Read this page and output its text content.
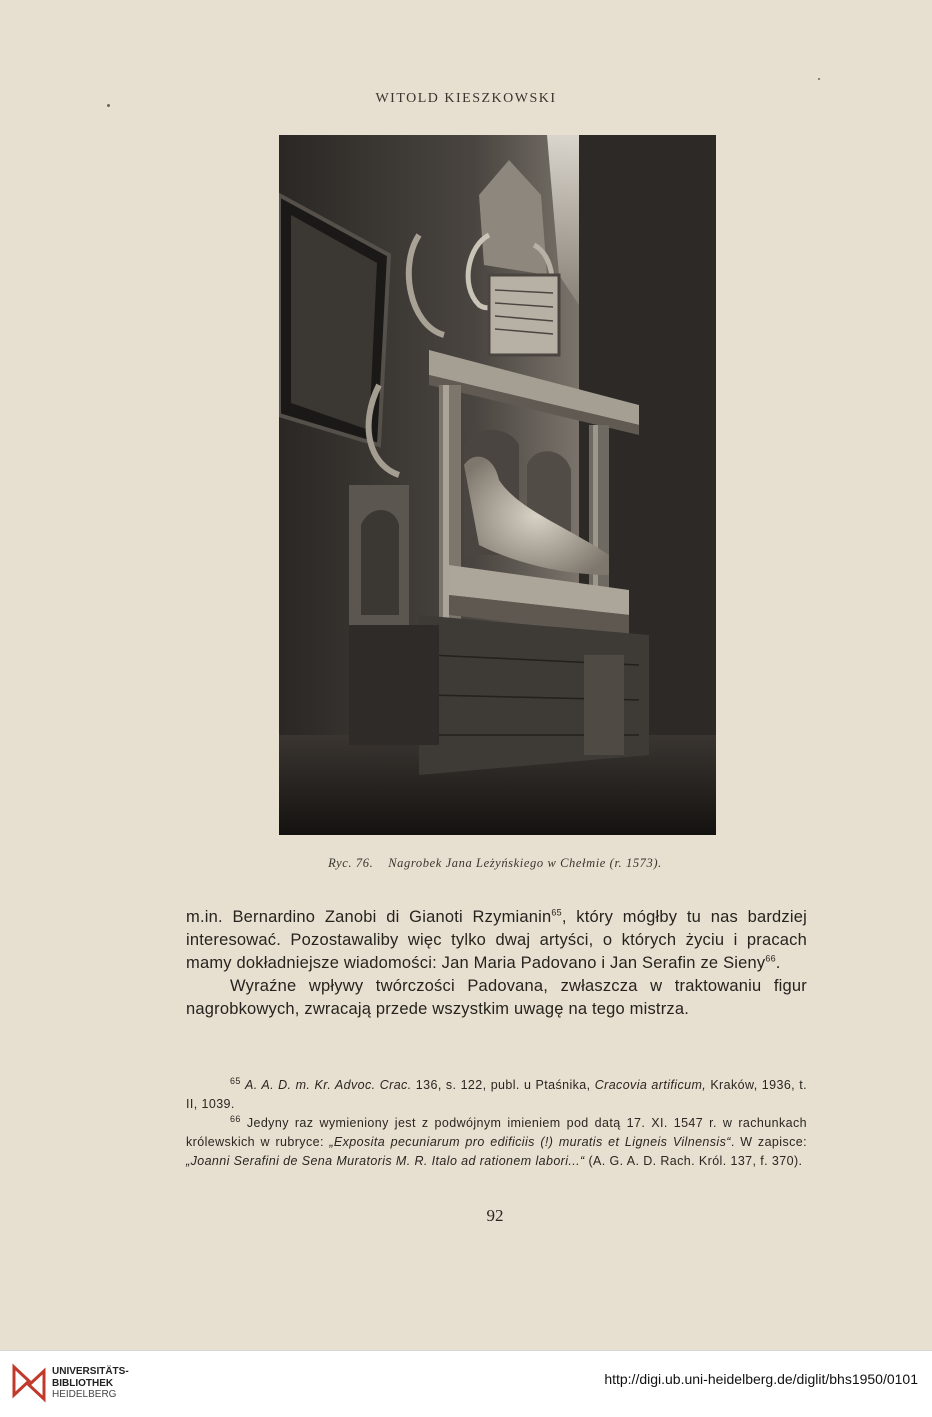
WITOLD KIESZKOWSKI
Ryc. 76. Nagrobek Jana Leżyńskiego w Chełmie (r. 1573).

m.in. Bernardino Zanobi di Gianoti Rzymianin$^{65}$, który mógłby tu nas bardziej interesować. Pozostawaliby więc tylko dwaj artyści, o których życiu i pracach mamy dokładniejsze wiadomości: Jan Maria Padovano i Jan Serafin ze Sieny$^{66}$.

Wyraźne wpływy twórczości Padovana, zwłaszcza w traktowaniu figur nagrobkowych, zwracają przede wszystkim uwagę na tego mistrza.

$^{65}$ A. A. D. m. Kr. Advoc. Crac. 136, s. 122, publ. u Ptaśnika, Cracovia artificum, Kraków, 1936, t. II, 1039.

$^{66}$ Jedyny raz wymieniony jest z podwójnym imieniem pod datą 17. XI. 1547 r. w rachunkach królewskich w rubryce: „Exposita pecuniarum pro edificiis (!) muratis et Ligneis Vilnensis“. W zapisce: „Joanni Serafini de Sena Muratoris M. R. Italo ad rationem labori...“ (A. G. A. D. Rach. Król. 137, f. 370).

92
UNIVERSITÄTS-
BIBLIOTHEK
HEIDELBERG
http://digi.ub.uni-heidelberg.de/diglit/bhs1950/0101
